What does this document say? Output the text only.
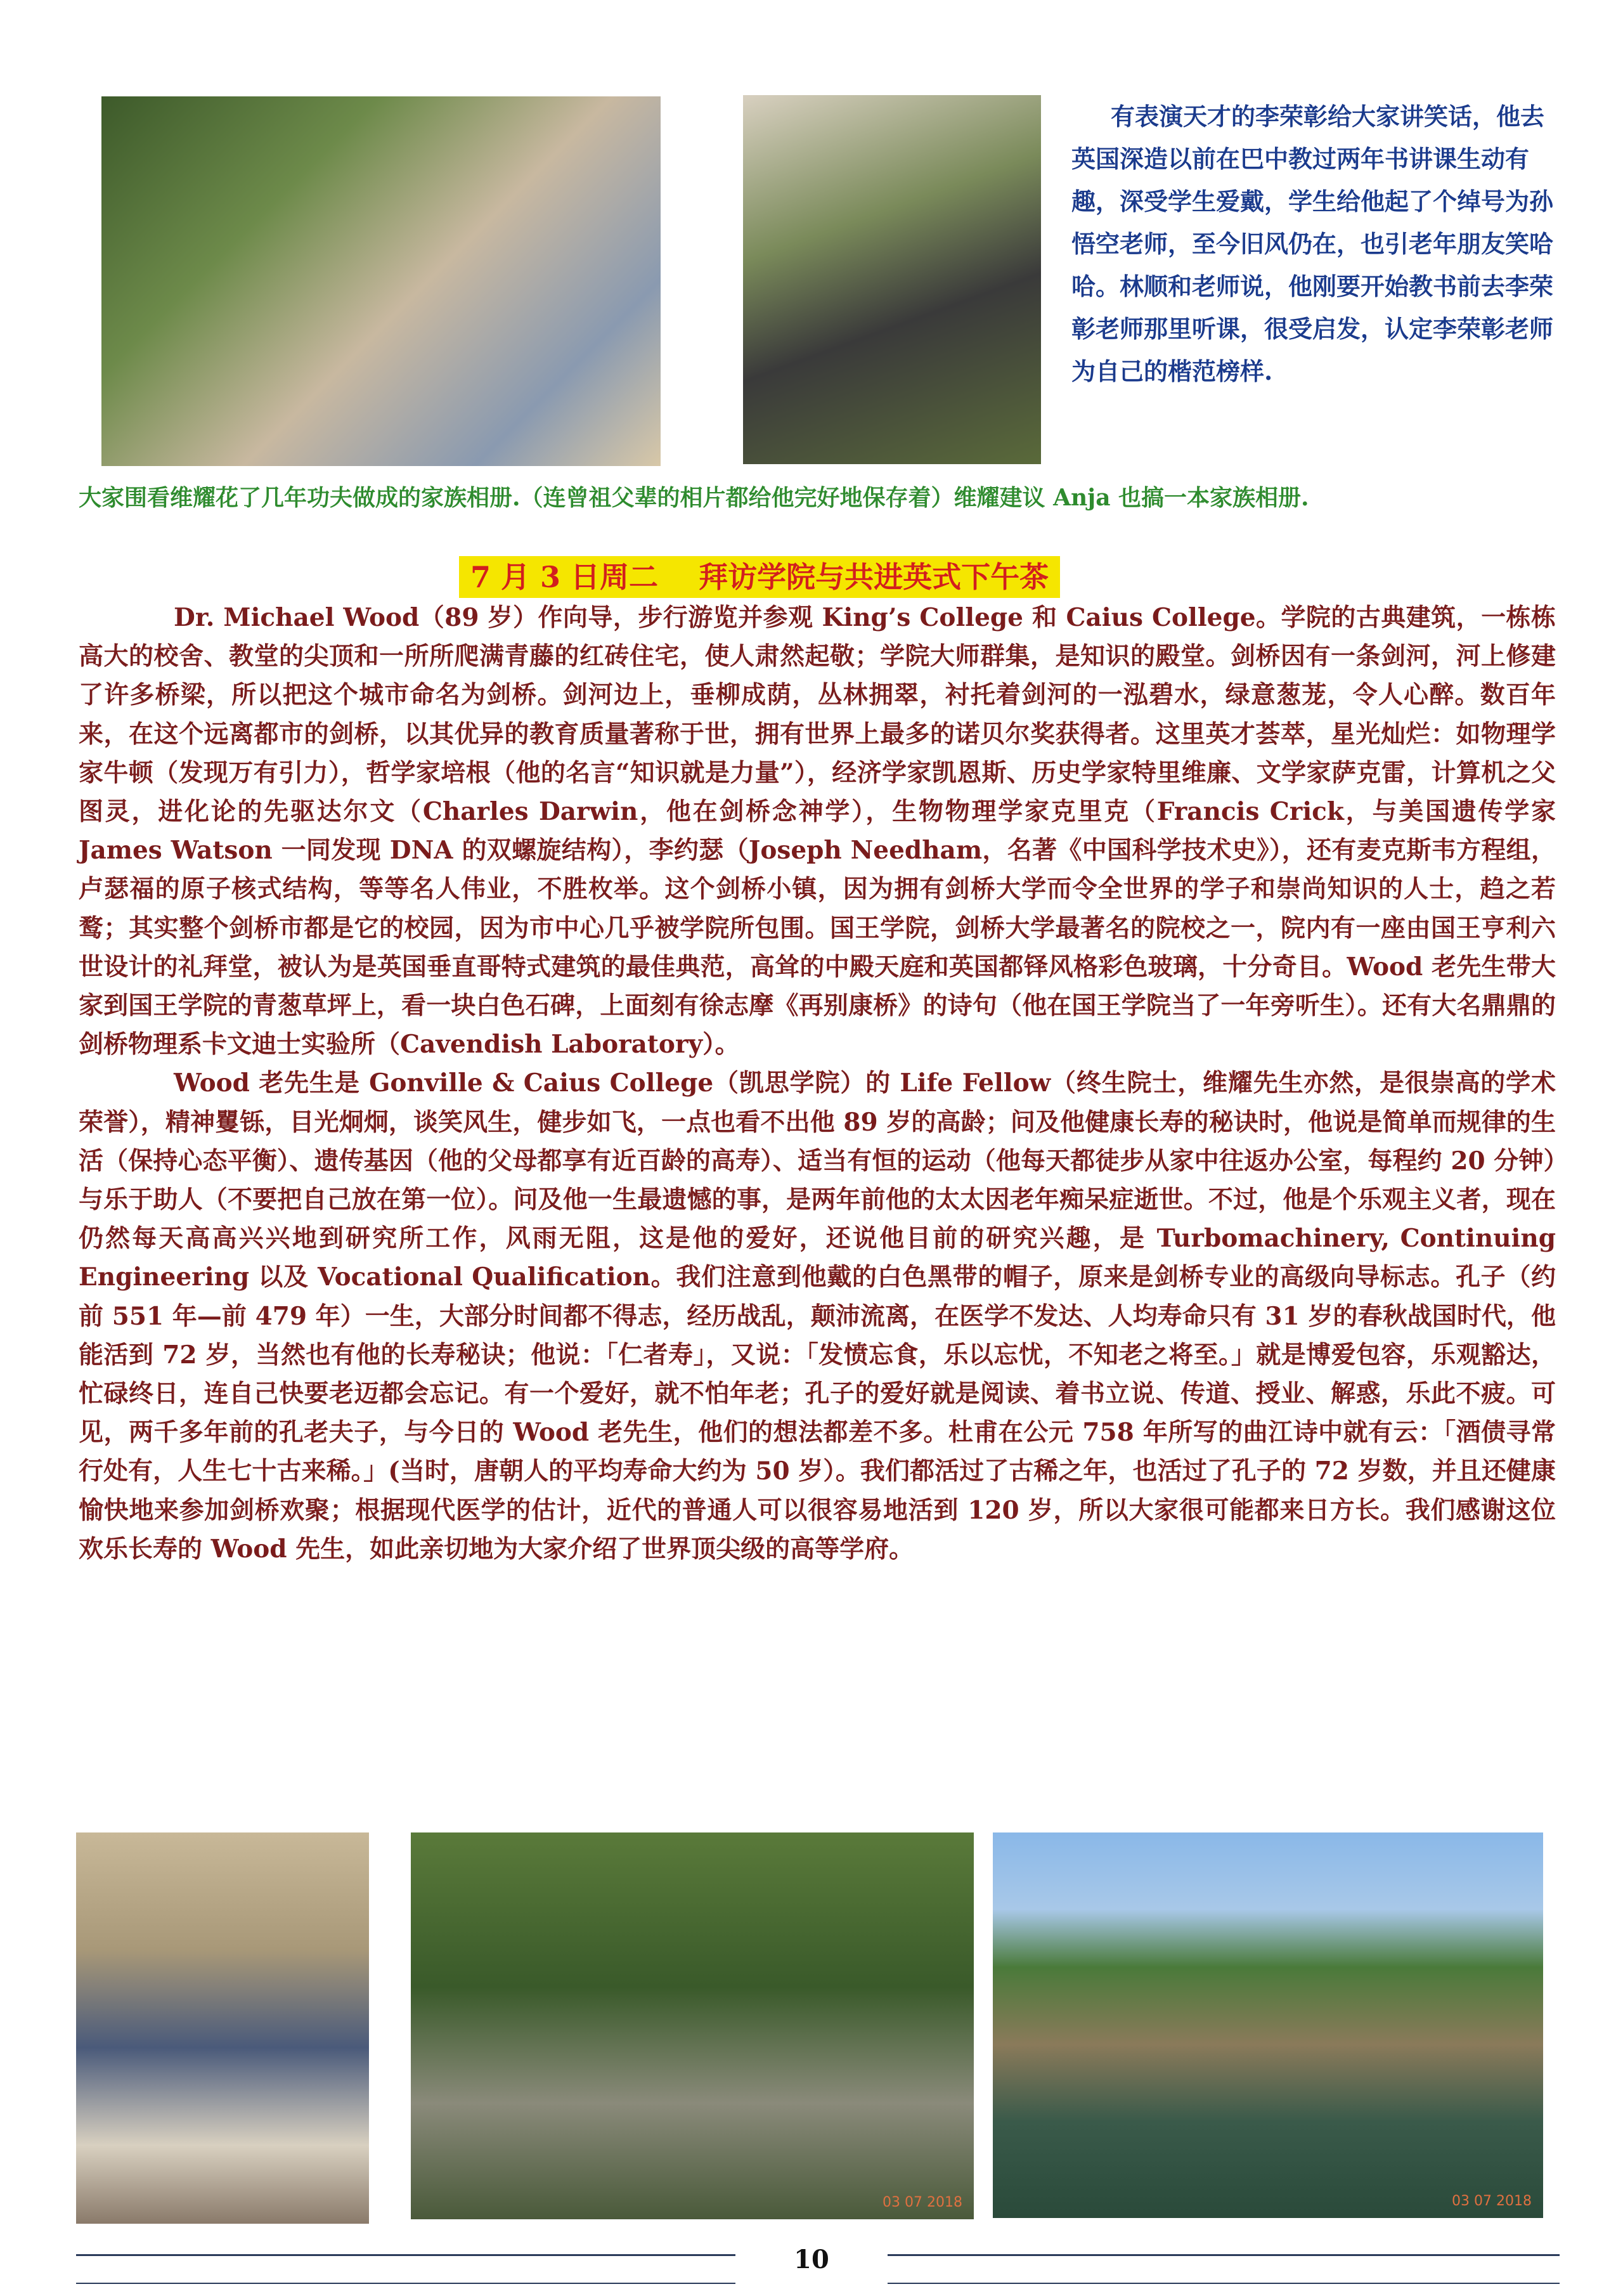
有表演天才的李荣彰给大家讲笑话，他去 英国深造以前在巴中教过两年书讲课生动有趣，深受学生爱戴，学生给他起了个绰号为孙悟空老师，至今旧风仍在，也引老年朋友笑哈哈。林顺和老师说，他刚要开始教书前去李荣彰老师那里听课，很受启发，认定李荣彰老师为自己的楷范榜样.
大家围看维耀花了几年功夫做成的家族相册.（连曾祖父辈的相片都给他完好地保存着）维耀建议 Anja 也搞一本家族相册.
7 月 3 日周二    拜访学院与共进英式下午茶

Dr. Michael Wood（89 岁）作向导，步行游览并参观 King’s College 和 Caius College。学院的古典建筑，一栋栋高大的校舍、教堂的尖顶和一所所爬满青藤的红砖住宅，使人肃然起敬；学院大师群集，是知识的殿堂。剑桥因有一条剑河，河上修建了许多桥梁，所以把这个城市命名为剑桥。剑河边上，垂柳成荫，丛林拥翠，衬托着剑河的一泓碧水，绿意葱茏，令人心醉。数百年来，在这个远离都市的剑桥，以其优异的教育质量著称于世，拥有世界上最多的诺贝尔奖获得者。这里英才荟萃，星光灿烂：如物理学家牛顿（发现万有引力），哲学家培根（他的名言“知识就是力量”），经济学家凯恩斯、历史学家特里维廉、文学家萨克雷，计算机之父图灵，进化论的先驱达尔文（Charles Darwin，他在剑桥念神学），生物物理学家克里克（Francis Crick，与美国遗传学家 James Watson 一同发现 DNA 的双螺旋结构），李约瑟（Joseph Needham，名著《中国科学技术史》），还有麦克斯韦方程组，卢瑟福的原子核式结构，等等名人伟业，不胜枚举。这个剑桥小镇，因为拥有剑桥大学而令全世界的学子和崇尚知识的人士，趋之若鹜；其实整个剑桥市都是它的校园，因为市中心几乎被学院所包围。国王学院，剑桥大学最著名的院校之一，院内有一座由国王亨利六世设计的礼拜堂，被认为是英国垂直哥特式建筑的最佳典范，高耸的中殿天庭和英国都铎风格彩色玻璃，十分奇目。Wood 老先生带大家到国王学院的青葱草坪上，看一块白色石碑，上面刻有徐志摩《再别康桥》的诗句（他在国王学院当了一年旁听生）。还有大名鼎鼎的剑桥物理系卡文迪士实验所（Cavendish Laboratory）。

Wood 老先生是 Gonville & Caius College（凯思学院）的 Life Fellow（终生院士，维耀先生亦然，是很崇高的学术荣誉），精神矍铄，目光炯炯，谈笑风生，健步如飞，一点也看不出他 89 岁的高龄；问及他健康长寿的秘诀时，他说是简单而规律的生活（保持心态平衡）、遗传基因（他的父母都享有近百龄的高寿）、适当有恒的运动（他每天都徒步从家中往返办公室，每程约 20 分钟）与乐于助人（不要把自己放在第一位）。问及他一生最遗憾的事，是两年前他的太太因老年痴呆症逝世。不过，他是个乐观主义者，现在仍然每天高高兴兴地到研究所工作，风雨无阻，这是他的爱好，还说他目前的研究兴趣，是 Turbomachinery, Continuing Engineering 以及 Vocational Qualification。我们注意到他戴的白色黑带的帽子，原来是剑桥专业的高级向导标志。孔子（约前 551 年—前 479 年）一生，大部分时间都不得志，经历战乱，颠沛流离，在医学不发达、人均寿命只有 31 岁的春秋战国时代，他能活到 72 岁，当然也有他的长寿秘诀；他说：「仁者寿」，又说：「发愤忘食，乐以忘忧，不知老之将至。」就是博爱包容，乐观豁达，忙碌终日，连自己快要老迈都会忘记。有一个爱好，就不怕年老；孔子的爱好就是阅读、着书立说、传道、授业、解惑，乐此不疲。可见，两千多年前的孔老夫子，与今日的 Wood 老先生，他们的想法都差不多。杜甫在公元 758 年所写的曲江诗中就有云：「酒债寻常行处有，人生七十古来稀。」(当时，唐朝人的平均寿命大约为 50 岁）。我们都活过了古稀之年，也活过了孔子的 72 岁数，并且还健康愉快地来参加剑桥欢聚；根据现代医学的估计，近代的普通人可以很容易地活到 120 岁，所以大家很可能都来日方长。我们感谢这位欢乐长寿的 Wood 先生，如此亲切地为大家介绍了世界顶尖级的高等学府。

03 07 2018	03 07 2018
10
